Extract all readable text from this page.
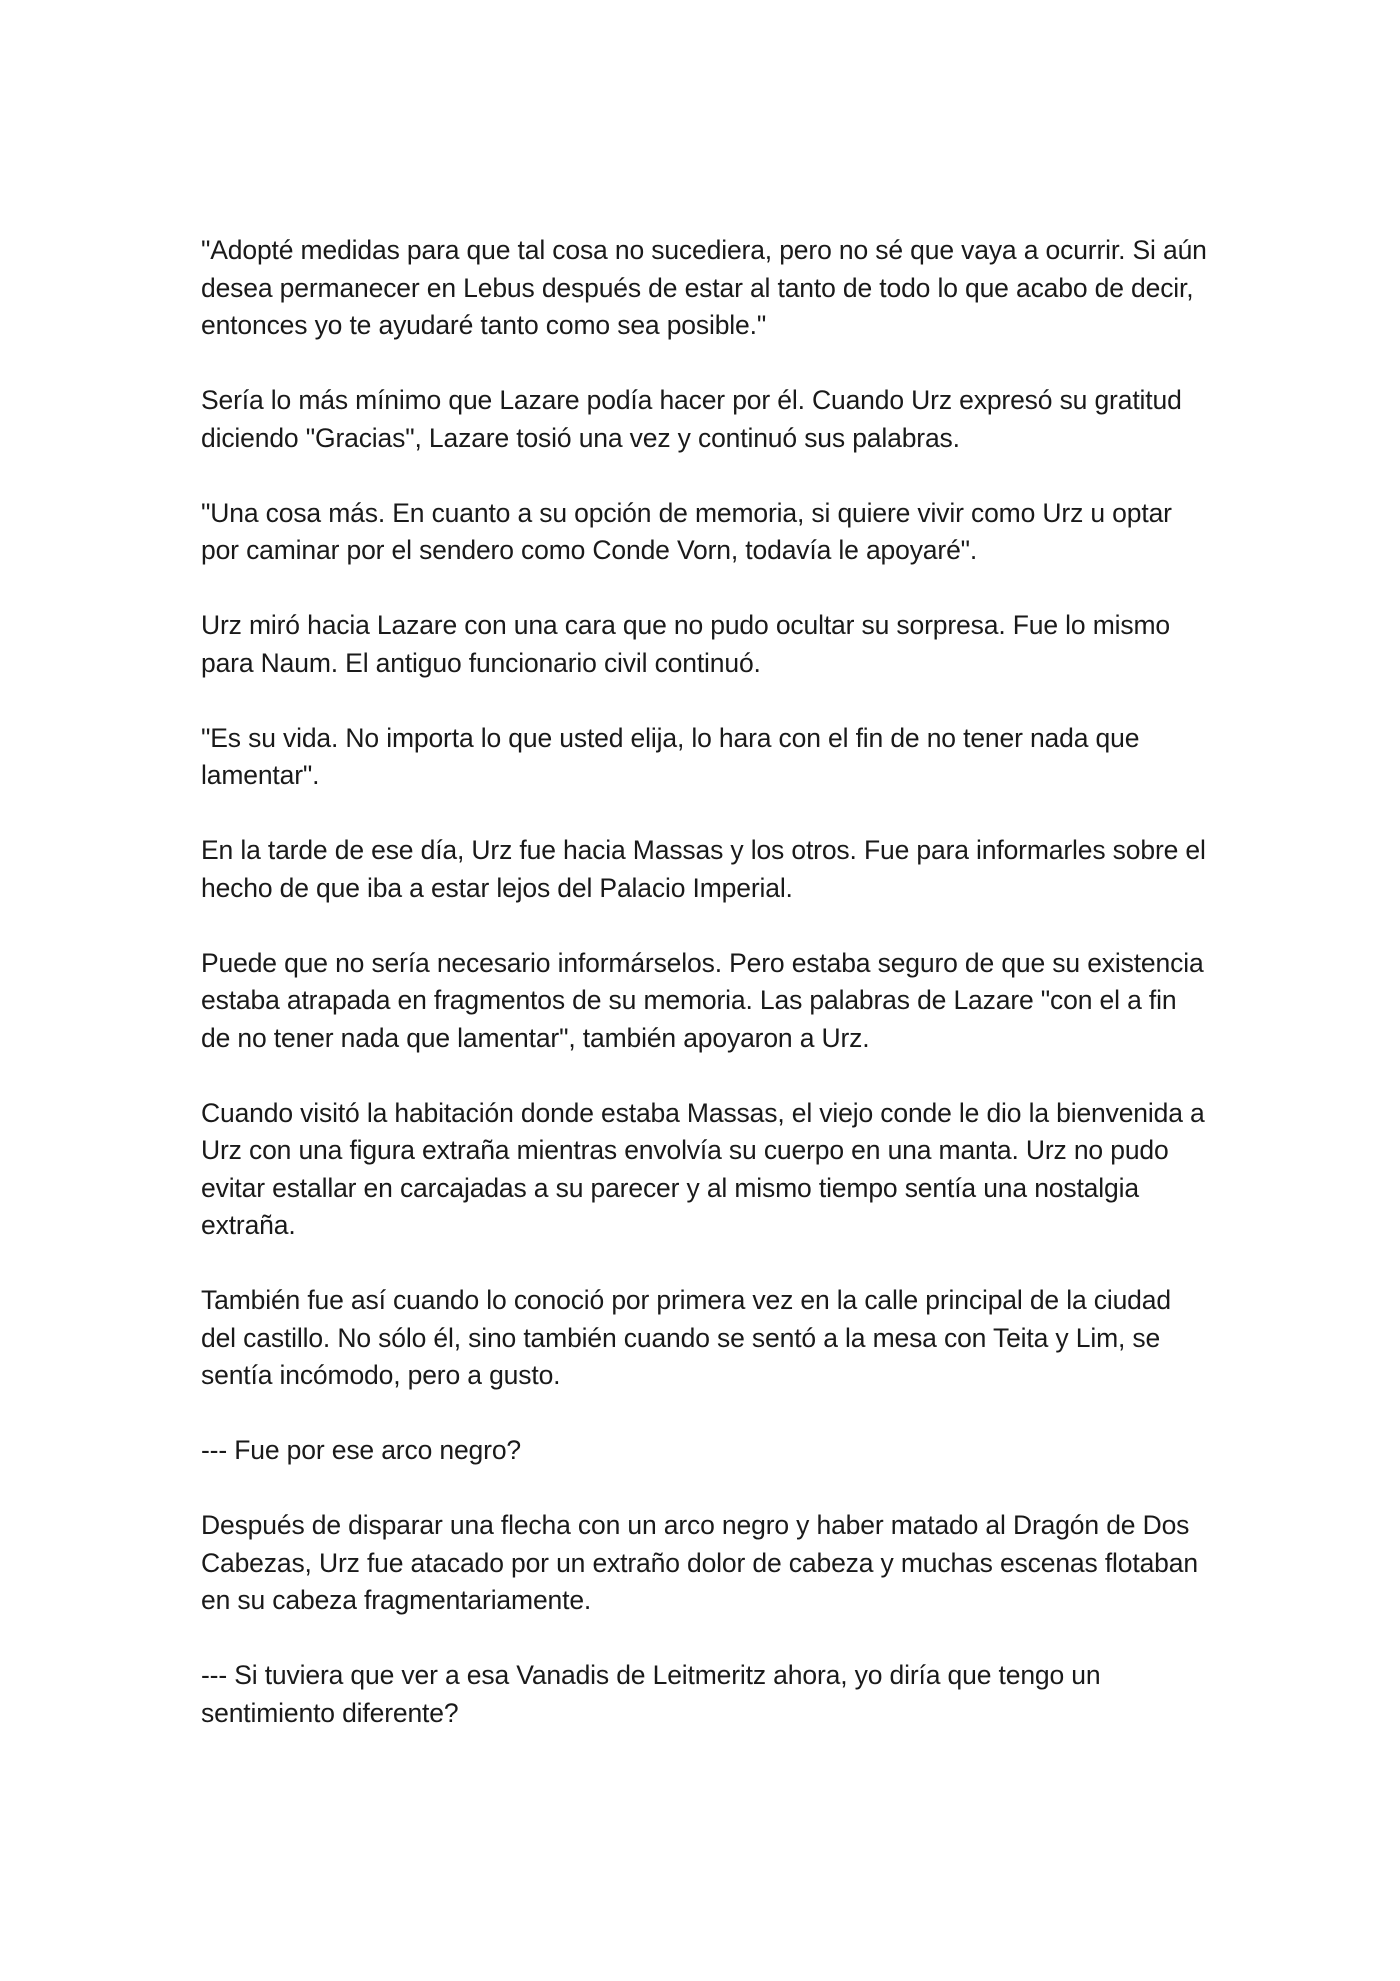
"Adopté medidas para que tal cosa no sucediera, pero no sé que vaya a ocurrir. Si aún desea permanecer en Lebus después de estar al tanto de todo lo que acabo de decir, entonces yo te ayudaré tanto como sea posible."

Sería lo más mínimo que Lazare podía hacer por él. Cuando Urz expresó su gratitud diciendo "Gracias", Lazare tosió una vez y continuó sus palabras.

"Una cosa más. En cuanto a su opción de memoria, si quiere vivir como Urz u optar por caminar por el sendero como Conde Vorn, todavía le apoyaré".

Urz miró hacia Lazare con una cara que no pudo ocultar su sorpresa. Fue lo mismo para Naum. El antiguo funcionario civil continuó.

"Es su vida. No importa lo que usted elija, lo hara con el fin de no tener nada que lamentar".

En la tarde de ese día, Urz fue hacia Massas y los otros. Fue para informarles sobre el hecho de que iba a estar lejos del Palacio Imperial.

Puede que no sería necesario informárselos. Pero estaba seguro de que su existencia estaba atrapada en fragmentos de su memoria. Las palabras de Lazare "con el a fin de no tener nada que lamentar", también apoyaron a Urz.

Cuando visitó la habitación donde estaba Massas, el viejo conde le dio la bienvenida a Urz con una figura extraña mientras envolvía su cuerpo en una manta. Urz no pudo evitar estallar en carcajadas a su parecer y al mismo tiempo sentía una nostalgia extraña.

También fue así cuando lo conoció por primera vez en la calle principal de la ciudad del castillo. No sólo él, sino también cuando se sentó a la mesa con Teita y Lim, se sentía incómodo, pero a gusto.

--- Fue por ese arco negro?

Después de disparar una flecha con un arco negro y haber matado al Dragón de Dos Cabezas, Urz fue atacado por un extraño dolor de cabeza y muchas escenas flotaban en su cabeza fragmentariamente.

--- Si tuviera que ver a esa Vanadis de Leitmeritz ahora, yo diría que tengo un sentimiento diferente?
